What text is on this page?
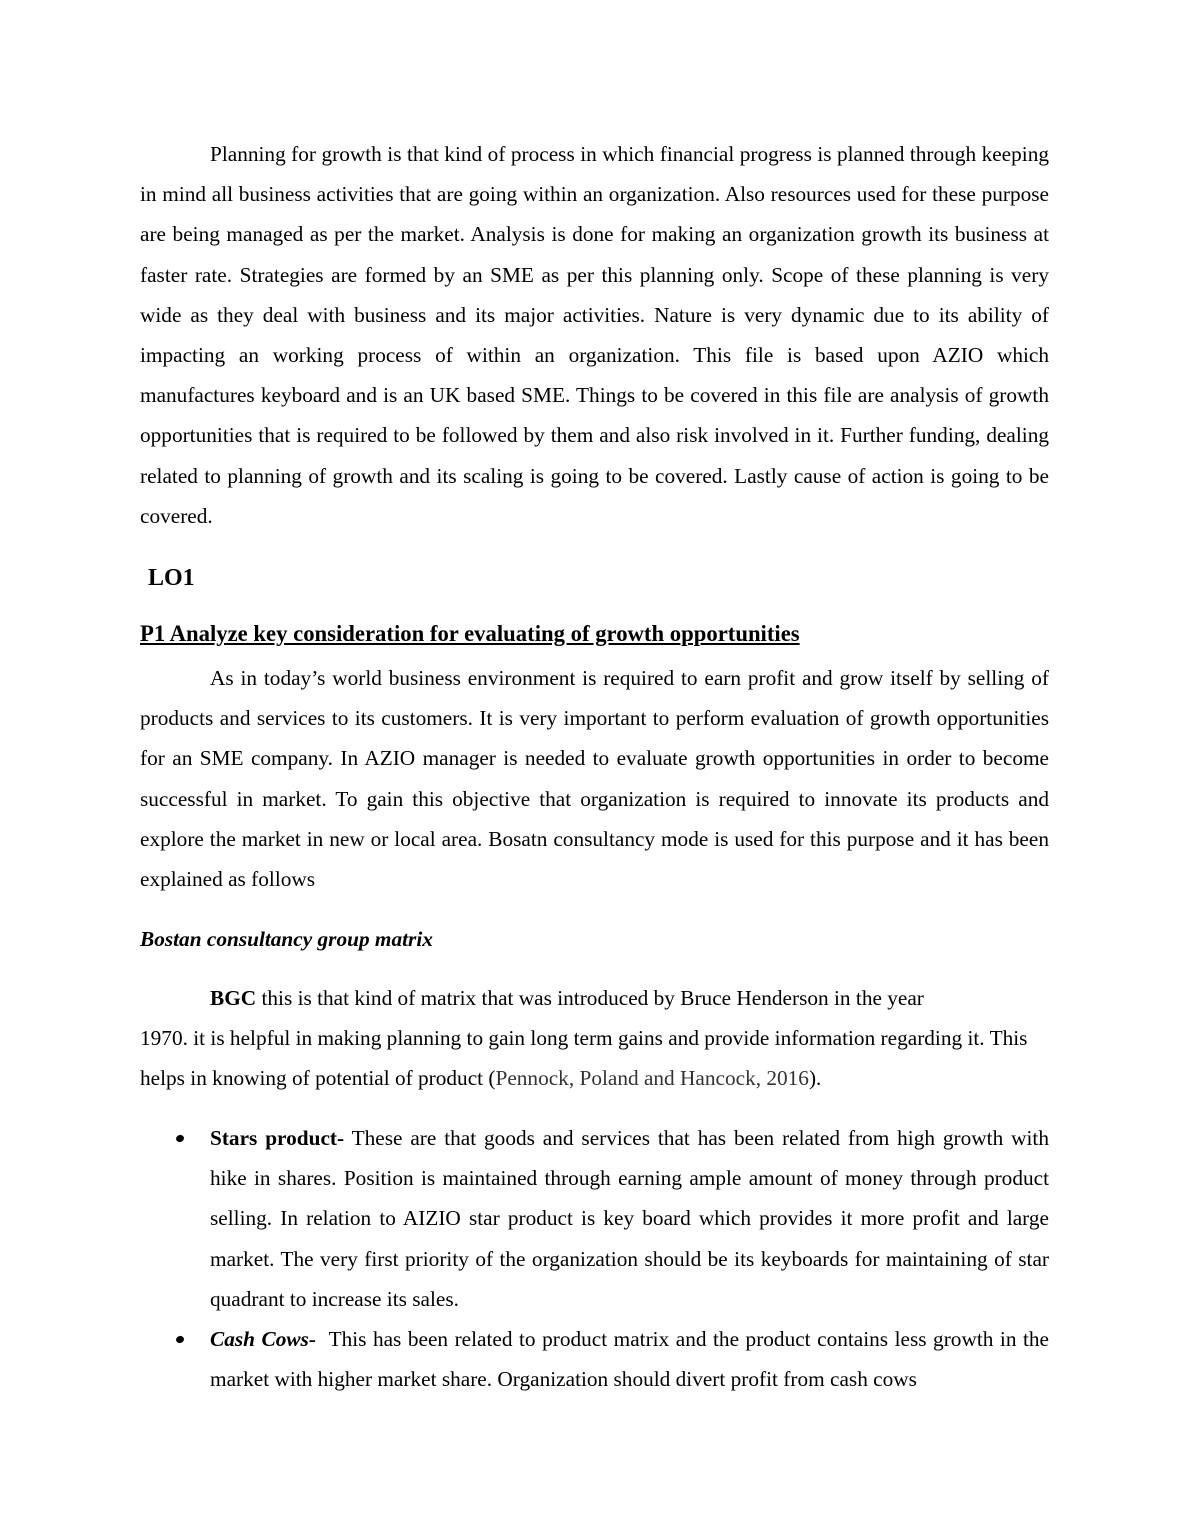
Planning for growth is that kind of process in which financial progress is planned through keeping in mind all business activities that are going within an organization. Also resources used for these purpose are being managed as per the market. Analysis is done for making an organization growth its business at faster rate. Strategies are formed by an SME as per this planning only. Scope of these planning is very wide as they deal with business and its major activities. Nature is very dynamic due to its ability of impacting an working process of within an organization. This file is based upon AZIO which manufactures keyboard and is an UK based SME. Things to be covered in this file are analysis of growth opportunities that is required to be followed by them and also risk involved in it. Further funding, dealing related to planning of growth and its scaling is going to be covered. Lastly cause of action is going to be covered.

LO1
P1 Analyze key consideration for evaluating of growth opportunities

As in today’s world business environment is required to earn profit and grow itself by selling of products and services to its customers. It is very important to perform evaluation of growth opportunities for an SME company. In AZIO manager is needed to evaluate growth opportunities in order to become successful in market. To gain this objective that organization is required to innovate its products and explore the market in new or local area. Bosatn consultancy mode is used for this purpose and it has been explained as follows

Bostan consultancy group matrix

BGC this is that kind of matrix that was introduced by Bruce Henderson in the year
1970. it is helpful in making planning to gain long term gains and provide information regarding it. This helps in knowing of potential of product (Pennock, Poland and Hancock, 2016).

Stars product- These are that goods and services that has been related from high growth with hike in shares. Position is maintained through earning ample amount of money through product selling. In relation to AIZIO star product is key board which provides it more profit and large market. The very first priority of the organization should be its keyboards for maintaining of star quadrant to increase its sales.
Cash Cows-  This has been related to product matrix and the product contains less growth in the market with higher market share. Organization should divert profit from cash cows
